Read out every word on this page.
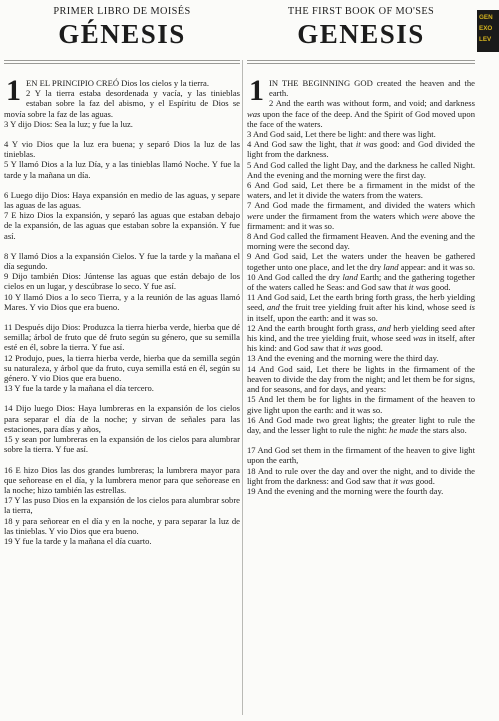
PRIMER LIBRO DE MOISÉS
GÉNESIS
1 EN EL PRINCIPIO CREÓ Dios los cielos y la tierra.

2 Y la tierra estaba desordenada y vacía, y las tinieblas estaban sobre la faz del abismo, y el Espíritu de Dios se movía sobre la faz de las aguas.

3 Y dijo Dios: Sea la luz; y fue la luz.

4 Y vio Dios que la luz era buena; y separó Dios la luz de las tinieblas.

5 Y llamó Dios a la luz Día, y a las tinieblas llamó Noche. Y fue la tarde y la mañana un día.

6 Luego dijo Dios: Haya expansión en medio de las aguas, y separe las aguas de las aguas.

7 E hizo Dios la expansión, y separó las aguas que estaban debajo de la expansión, de las aguas que estaban sobre la expansión. Y fue así.

8 Y llamó Dios a la expansión Cielos. Y fue la tarde y la mañana el día segundo.

9 Dijo también Dios: Júntense las aguas que están debajo de los cielos en un lugar, y descúbrase lo seco. Y fue así.

10 Y llamó Dios a lo seco Tierra, y a la reunión de las aguas llamó Mares. Y vio Dios que era bueno.

11 Después dijo Dios: Produzca la tierra hierba verde, hierba que dé semilla; árbol de fruto que dé fruto según su género, que su semilla esté en él, sobre la tierra. Y fue así.

12 Produjo, pues, la tierra hierba verde, hierba que da semilla según su naturaleza, y árbol que da fruto, cuya semilla está en él, según su género. Y vio Dios que era bueno.

13 Y fue la tarde y la mañana el día tercero.

14 Dijo luego Dios: Haya lumbreras en la expansión de los cielos para separar el día de la noche; y sirvan de señales para las estaciones, para días y años,

15 y sean por lumbreras en la expansión de los cielos para alumbrar sobre la tierra. Y fue así.

16 E hizo Dios las dos grandes lumbreras; la lumbrera mayor para que señorease en el día, y la lumbrera menor para que señorease en la noche; hizo también las estrellas.

17 Y las puso Dios en la expansión de los cielos para alumbrar sobre la tierra,

18 y para señorear en el día y en la noche, y para separar la luz de las tinieblas. Y vio Dios que era bueno.

19 Y fue la tarde y la mañana el día cuarto.

THE FIRST BOOK OF MO'SES
GENESIS
1 IN THE BEGINNING GOD created the heaven and the earth.

2 And the earth was without form, and void; and darkness was upon the face of the deep. And the Spirit of God moved upon the face of the waters.

3 And God said, Let there be light: and there was light.

4 And God saw the light, that it was good: and God divided the light from the darkness.

5 And God called the light Day, and the darkness he called Night. And the evening and the morning were the first day.

6 And God said, Let there be a firmament in the midst of the waters, and let it divide the waters from the waters.

7 And God made the firmament, and divided the waters which were under the firmament from the waters which were above the firmament: and it was so.

8 And God called the firmament Heaven. And the evening and the morning were the second day.

9 And God said, Let the waters under the heaven be gathered together unto one place, and let the dry land appear: and it was so.

10 And God called the dry land Earth; and the gathering together of the waters called he Seas: and God saw that it was good.

11 And God said, Let the earth bring forth grass, the herb yielding seed, and the fruit tree yielding fruit after his kind, whose seed is in itself, upon the earth: and it was so.

12 And the earth brought forth grass, and herb yielding seed after his kind, and the tree yielding fruit, whose seed was in itself, after his kind: and God saw that it was good.

13 And the evening and the morning were the third day.

14 And God said, Let there be lights in the firmament of the heaven to divide the day from the night; and let them be for signs, and for seasons, and for days, and years:

15 And let them be for lights in the firmament of the heaven to give light upon the earth: and it was so.

16 And God made two great lights; the greater light to rule the day, and the lesser light to rule the night: he made the stars also.

17 And God set them in the firmament of the heaven to give light upon the earth,

18 And to rule over the day and over the night, and to divide the light from the darkness: and God saw that it was good.

19 And the evening and the morning were the fourth day.

GEN
EXO
LEV
